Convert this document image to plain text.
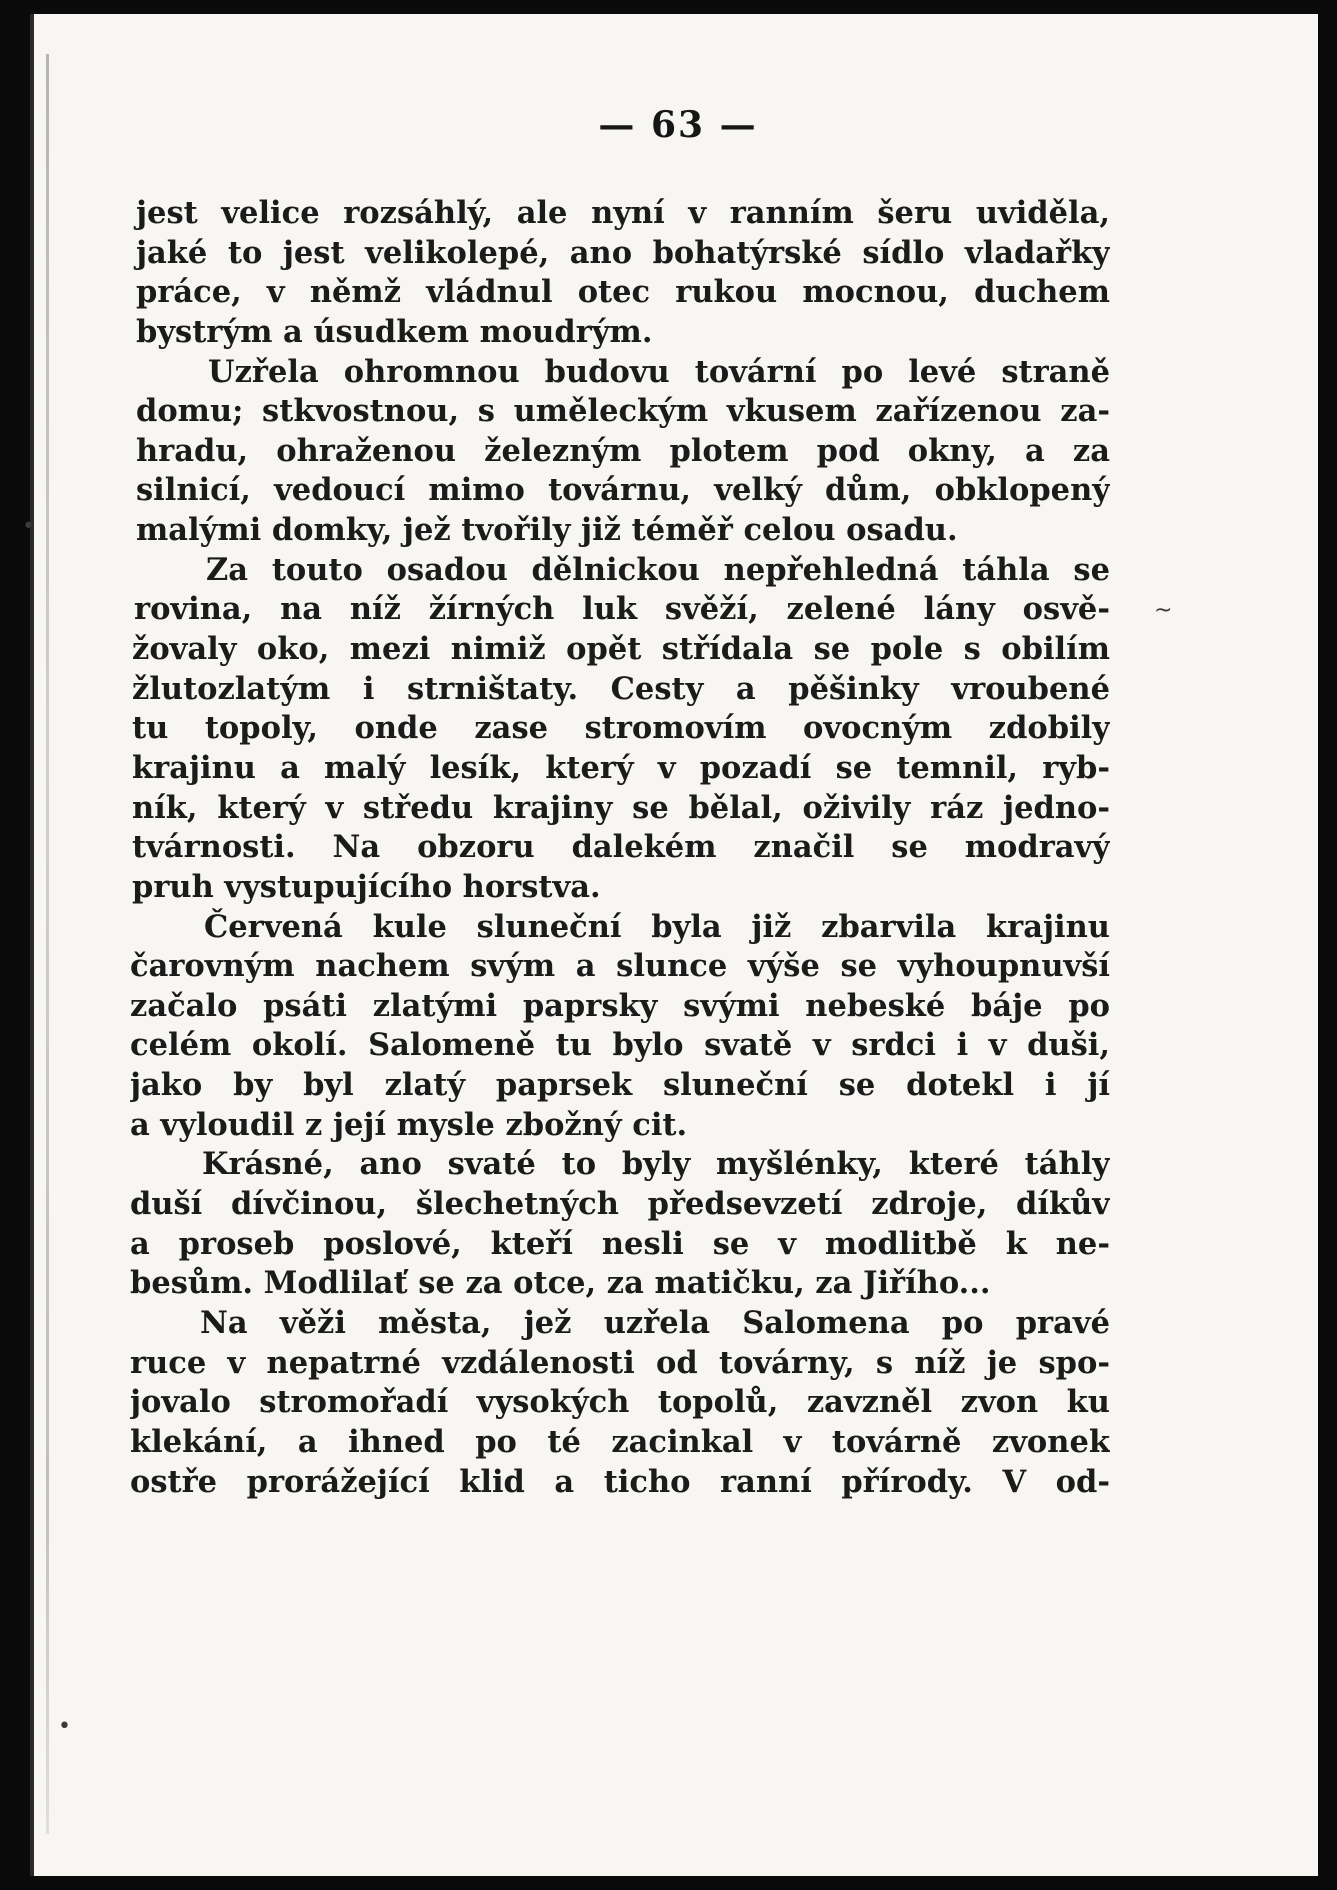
— 63 —
jest velice rozsáhlý, ale nyní v ranním šeru uviděla,
jaké to jest velikolepé, ano bohatýrské sídlo vladařky
práce, v němž vládnul otec rukou mocnou, duchem
bystrým a úsudkem moudrým.
Uzřela ohromnou budovu tovární po levé straně
domu; stkvostnou, s uměleckým vkusem zařízenou za-
hradu, ohraženou železným plotem pod okny, a za
silnicí, vedoucí mimo továrnu, velký dům, obklopený
malými domky, jež tvořily již téměř celou osadu.
Za touto osadou dělnickou nepřehledná táhla se
rovina, na níž žírných luk svěží, zelené lány osvě-
žovaly oko, mezi nimiž opět střídala se pole s obilím
žlutozlatým i strništaty. Cesty a pěšinky vroubené
tu topoly, onde zase stromovím ovocným zdobily
krajinu a malý lesík, který v pozadí se temnil, ryb-
ník, který v středu krajiny se bělal, oživily ráz jedno-
tvárnosti. Na obzoru dalekém značil se modravý
pruh vystupujícího horstva.
Červená kule sluneční byla již zbarvila krajinu
čarovným nachem svým a slunce výše se vyhoupnuvší
začalo psáti zlatými paprsky svými nebeské báje po
celém okolí. Salomeně tu bylo svatě v srdci i v duši,
jako by byl zlatý paprsek sluneční se dotekl i jí
a vyloudil z její mysle zbožný cit.
Krásné, ano svaté to byly myšlénky, které táhly
duší dívčinou, šlechetných předsevzetí zdroje, díkův
a proseb poslové, kteří nesli se v modlitbě k ne-
besům. Modlilať se za otce, za matičku, za Jiřího...
Na věži města, jež uzřela Salomena po pravé
ruce v nepatrné vzdálenosti od továrny, s níž je spo-
jovalo stromořadí vysokých topolů, zavzněl zvon ku
klekání, a ihned po té zacinkal v továrně zvonek
ostře prorážející klid a ticho ranní přírody. V od-
•
•
~
